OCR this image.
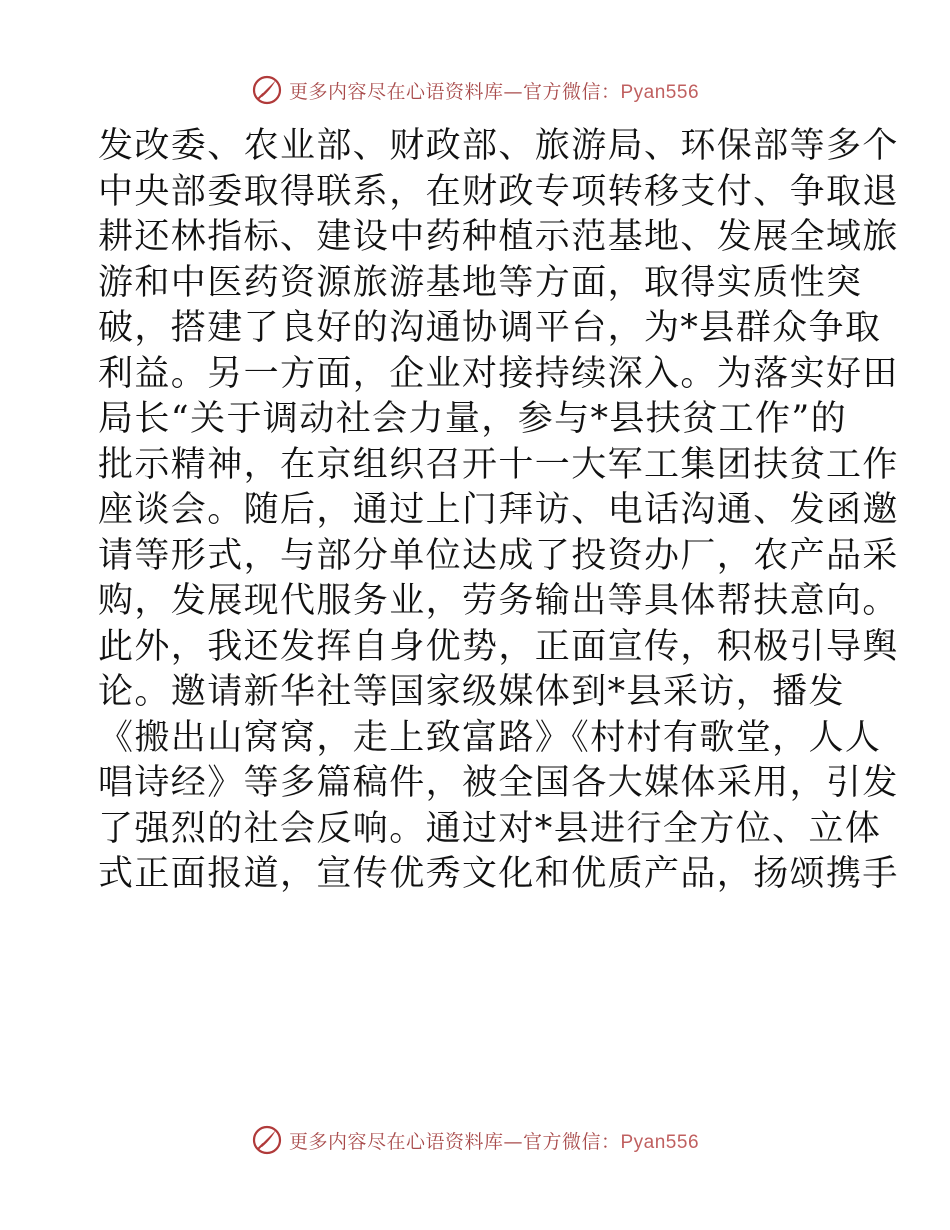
更多内容尽在心语资料库—官方微信：Pyan556
发改委、农业部、财政部、旅游局、环保部等多个
中央部委取得联系，在财政专项转移支付、争取退
耕还林指标、建设中药种植示范基地、发展全域旅
游和中医药资源旅游基地等方面，取得实质性突
破，搭建了良好的沟通协调平台，为*县群众争取
利益。另一方面，企业对接持续深入。为落实好田
局长“关于调动社会力量，参与*县扶贫工作”的
批示精神，在京组织召开十一大军工集团扶贫工作
座谈会。随后，通过上门拜访、电话沟通、发函邀
请等形式，与部分单位达成了投资办厂，农产品采
购，发展现代服务业，劳务输出等具体帮扶意向。
此外，我还发挥自身优势，正面宣传，积极引导舆
论。邀请新华社等国家级媒体到*县采访，播发
《搬出山窝窝，走上致富路》《村村有歌堂，人人
唱诗经》等多篇稿件，被全国各大媒体采用，引发
了强烈的社会反响。通过对*县进行全方位、立体
式正面报道，宣传优秀文化和优质产品，扬颂携手
更多内容尽在心语资料库—官方微信：Pyan556
